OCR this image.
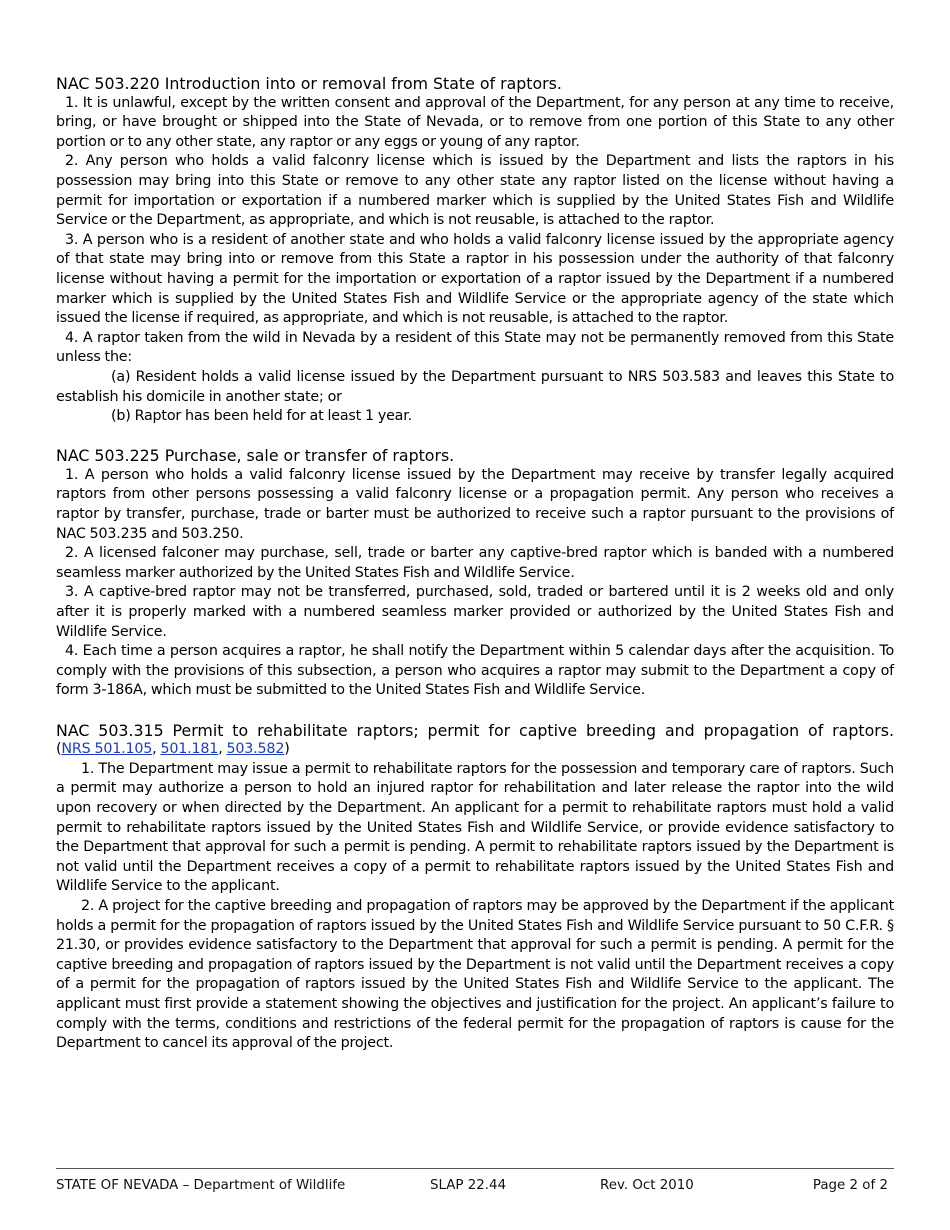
NAC 503.220 Introduction into or removal from State of raptors.

1. It is unlawful, except by the written consent and approval of the Department, for any person at any time to receive, bring, or have brought or shipped into the State of Nevada, or to remove from one portion of this State to any other portion or to any other state, any raptor or any eggs or young of any raptor.

2. Any person who holds a valid falconry license which is issued by the Department and lists the raptors in his possession may bring into this State or remove to any other state any raptor listed on the license without having a permit for importation or exportation if a numbered marker which is supplied by the United States Fish and Wildlife Service or the Department, as appropriate, and which is not reusable, is attached to the raptor.

3. A person who is a resident of another state and who holds a valid falconry license issued by the appropriate agency of that state may bring into or remove from this State a raptor in his possession under the authority of that falconry license without having a permit for the importation or exportation of a raptor issued by the Department if a numbered marker which is supplied by the United States Fish and Wildlife Service or the appropriate agency of the state which issued the license if required, as appropriate, and which is not reusable, is attached to the raptor.

4. A raptor taken from the wild in Nevada by a resident of this State may not be permanently removed from this State unless the:

(a) Resident holds a valid license issued by the Department pursuant to NRS 503.583 and leaves this State to establish his domicile in another state; or

(b) Raptor has been held for at least 1 year.

NAC 503.225 Purchase, sale or transfer of raptors.

1. A person who holds a valid falconry license issued by the Department may receive by transfer legally acquired raptors from other persons possessing a valid falconry license or a propagation permit. Any person who receives a raptor by transfer, purchase, trade or barter must be authorized to receive such a raptor pursuant to the provisions of NAC 503.235 and 503.250.

2. A licensed falconer may purchase, sell, trade or barter any captive-bred raptor which is banded with a numbered seamless marker authorized by the United States Fish and Wildlife Service.

3. A captive-bred raptor may not be transferred, purchased, sold, traded or bartered until it is 2 weeks old and only after it is properly marked with a numbered seamless marker provided or authorized by the United States Fish and Wildlife Service.

4. Each time a person acquires a raptor, he shall notify the Department within 5 calendar days after the acquisition. To comply with the provisions of this subsection, a person who acquires a raptor may submit to the Department a copy of form 3-186A, which must be submitted to the United States Fish and Wildlife Service.

NAC 503.315 Permit to rehabilitate raptors; permit for captive breeding and propagation of raptors.

(NRS 501.105, 501.181, 503.582)

1. The Department may issue a permit to rehabilitate raptors for the possession and temporary care of raptors. Such a permit may authorize a person to hold an injured raptor for rehabilitation and later release the raptor into the wild upon recovery or when directed by the Department. An applicant for a permit to rehabilitate raptors must hold a valid permit to rehabilitate raptors issued by the United States Fish and Wildlife Service, or provide evidence satisfactory to the Department that approval for such a permit is pending. A permit to rehabilitate raptors issued by the Department is not valid until the Department receives a copy of a permit to rehabilitate raptors issued by the United States Fish and Wildlife Service to the applicant.

2. A project for the captive breeding and propagation of raptors may be approved by the Department if the applicant holds a permit for the propagation of raptors issued by the United States Fish and Wildlife Service pursuant to 50 C.F.R. § 21.30, or provides evidence satisfactory to the Department that approval for such a permit is pending. A permit for the captive breeding and propagation of raptors issued by the Department is not valid until the Department receives a copy of a permit for the propagation of raptors issued by the United States Fish and Wildlife Service to the applicant. The applicant must first provide a statement showing the objectives and justification for the project. An applicant’s failure to comply with the terms, conditions and restrictions of the federal permit for the propagation of raptors is cause for the Department to cancel its approval of the project.

STATE OF NEVADA – Department of Wildlife	SLAP 22.44	Rev. Oct 2010	Page 2 of 2
